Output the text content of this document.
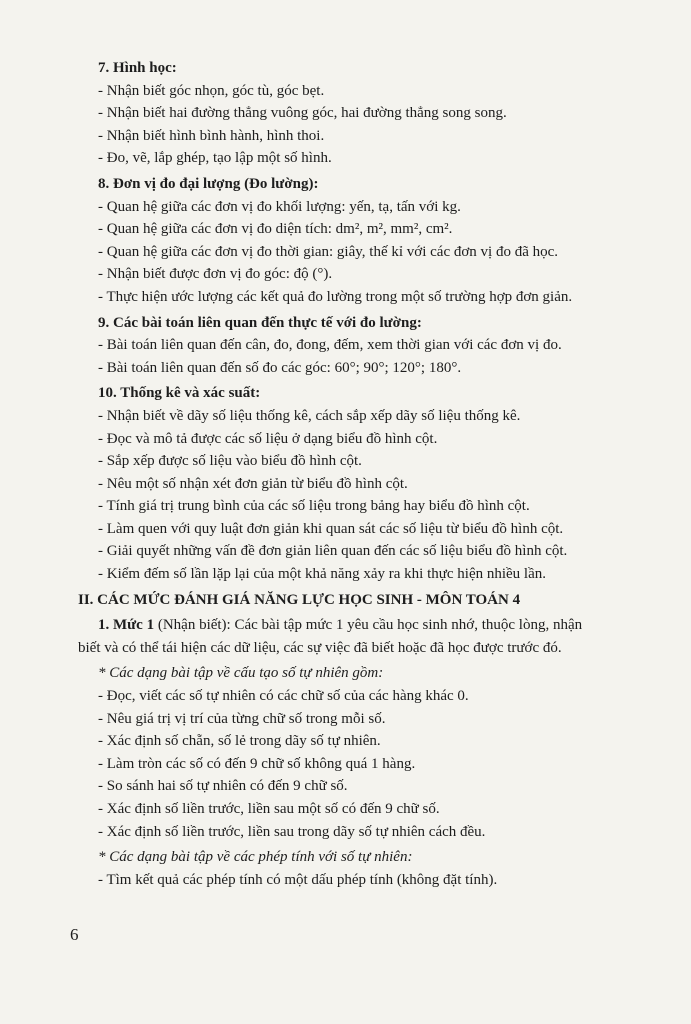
7. Hình học:
- Nhận biết góc nhọn, góc tù, góc bẹt.
- Nhận biết hai đường thẳng vuông góc, hai đường thẳng song song.
- Nhận biết hình bình hành, hình thoi.
- Đo, vẽ, lắp ghép, tạo lập một số hình.
8. Đơn vị đo đại lượng (Đo lường):
- Quan hệ giữa các đơn vị đo khối lượng: yến, tạ, tấn với kg.
- Quan hệ giữa các đơn vị đo diện tích: dm², m², mm², cm².
- Quan hệ giữa các đơn vị đo thời gian: giây, thế kỉ với các đơn vị đo đã học.
- Nhận biết được đơn vị đo góc: độ (°).
- Thực hiện ước lượng các kết quả đo lường trong một số trường hợp đơn giản.
9. Các bài toán liên quan đến thực tế với đo lường:
- Bài toán liên quan đến cân, đo, đong, đếm, xem thời gian với các đơn vị đo.
- Bài toán liên quan đến số đo các góc: 60°; 90°; 120°; 180°.
10. Thống kê và xác suất:
- Nhận biết về dãy số liệu thống kê, cách sắp xếp dãy số liệu thống kê.
- Đọc và mô tả được các số liệu ở dạng biểu đồ hình cột.
- Sắp xếp được số liệu vào biểu đồ hình cột.
- Nêu một số nhận xét đơn giản từ biểu đồ hình cột.
- Tính giá trị trung bình của các số liệu trong bảng hay biểu đồ hình cột.
- Làm quen với quy luật đơn giản khi quan sát các số liệu từ biểu đồ hình cột.
- Giải quyết những vấn đề đơn giản liên quan đến các số liệu biểu đồ hình cột.
- Kiểm đếm số lần lặp lại của một khả năng xảy ra khi thực hiện nhiều lần.
II. CÁC MỨC ĐÁNH GIÁ NĂNG LỰC HỌC SINH - MÔN TOÁN 4
1. Mức 1 (Nhận biết): Các bài tập mức 1 yêu cầu học sinh nhớ, thuộc lòng, nhận
biết và có thể tái hiện các dữ liệu, các sự việc đã biết hoặc đã học được trước đó.
* Các dạng bài tập về cấu tạo số tự nhiên gồm:
- Đọc, viết các số tự nhiên có các chữ số của các hàng khác 0.
- Nêu giá trị vị trí của từng chữ số trong mỗi số.
- Xác định số chẵn, số lẻ trong dãy số tự nhiên.
- Làm tròn các số có đến 9 chữ số không quá 1 hàng.
- So sánh hai số tự nhiên có đến 9 chữ số.
- Xác định số liền trước, liền sau một số có đến 9 chữ số.
- Xác định số liền trước, liền sau trong dãy số tự nhiên cách đều.
* Các dạng bài tập về các phép tính với số tự nhiên:
- Tìm kết quả các phép tính có một dấu phép tính (không đặt tính).
6
